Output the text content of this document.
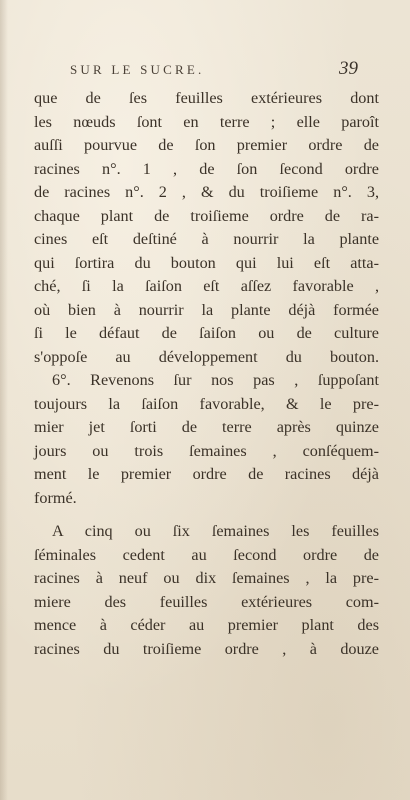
SUR LE SUCRE.	39
que de ſes feuilles extérieures dont
les nœuds ſont en terre ; elle paroît
auſſi pourvue de ſon premier ordre de
racines n°. 1 , de ſon ſecond ordre
de racines n°. 2 , & du troiſieme n°. 3,
chaque plant de troiſieme ordre de ra-
cines eſt deſtiné à nourrir la plante
qui ſortira du bouton qui lui eſt atta-
ché, ſi la ſaiſon eſt aſſez favorable ,
où bien à nourrir la plante déjà formée
ſi le défaut de ſaiſon ou de culture
s'oppoſe au développement du bouton.
6°. Revenons ſur nos pas , ſuppoſant
toujours la ſaiſon favorable, & le pre-
mier jet ſorti de terre après quinze
jours ou trois ſemaines , conſéquem-
ment le premier ordre de racines déjà
formé.
A cinq ou ſix ſemaines les feuilles
ſéminales cedent au ſecond ordre de
racines à neuf ou dix ſemaines , la pre-
miere des feuilles extérieures com-
mence à céder au premier plant des
racines du troiſieme ordre , à douze
